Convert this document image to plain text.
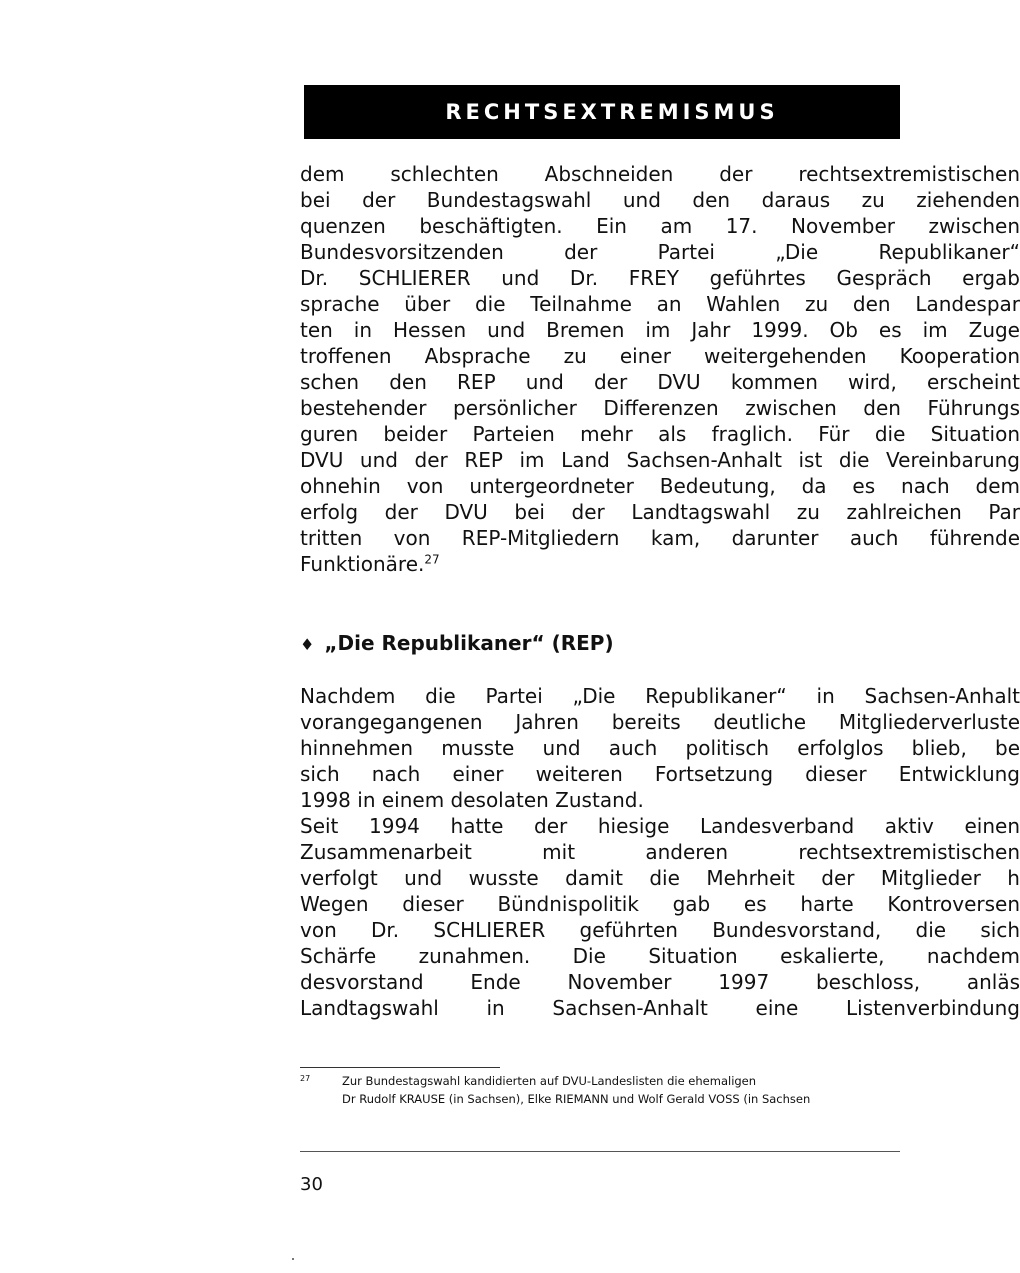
RECHTSEXTREMISMUS
dem schlechten Abschneiden der rechtsextremistischen
bei der Bundestagswahl und den daraus zu ziehenden
quenzen beschäftigten. Ein am 17. November zwischen
Bundesvorsitzenden der Partei „Die Republikaner“
Dr. SCHLIERER und Dr. FREY geführtes Gespräch ergab
sprache über die Teilnahme an Wahlen zu den Landespar
ten in Hessen und Bremen im Jahr 1999. Ob es im Zuge
troffenen Absprache zu einer weitergehenden Kooperation
schen den REP und der DVU kommen wird, erscheint
bestehender persönlicher Differenzen zwischen den Führungs
guren beider Parteien mehr als fraglich. Für die Situation
DVU und der REP im Land Sachsen-Anhalt ist die Vereinbarung
ohnehin von untergeordneter Bedeutung, da es nach dem
erfolg der DVU bei der Landtagswahl zu zahlreichen Par
tritten von REP-Mitgliedern kam, darunter auch führende
Funktionäre.$^{27}$
♦ „Die Republikaner“ (REP)
Nachdem die Partei „Die Republikaner“ in Sachsen-Anhalt
vorangegangenen Jahren bereits deutliche Mitgliederverluste
hinnehmen musste und auch politisch erfolglos blieb, be
sich nach einer weiteren Fortsetzung dieser Entwicklung
1998 in einem desolaten Zustand.
Seit 1994 hatte der hiesige Landesverband aktiv einen
Zusammenarbeit mit anderen rechtsextremistischen
verfolgt und wusste damit die Mehrheit der Mitglieder h
Wegen dieser Bündnispolitik gab es harte Kontroversen
von Dr. SCHLIERER geführten Bundesvorstand, die sich
Schärfe zunahmen. Die Situation eskalierte, nachdem
desvorstand Ende November 1997 beschloss, anläs
Landtagswahl in Sachsen-Anhalt eine Listenverbindung
27	Zur Bundestagswahl kandidierten auf DVU-Landeslisten die ehemaligen
Dr Rudolf KRAUSE (in Sachsen), Elke RIEMANN und Wolf Gerald VOSS (in Sachsen
30
